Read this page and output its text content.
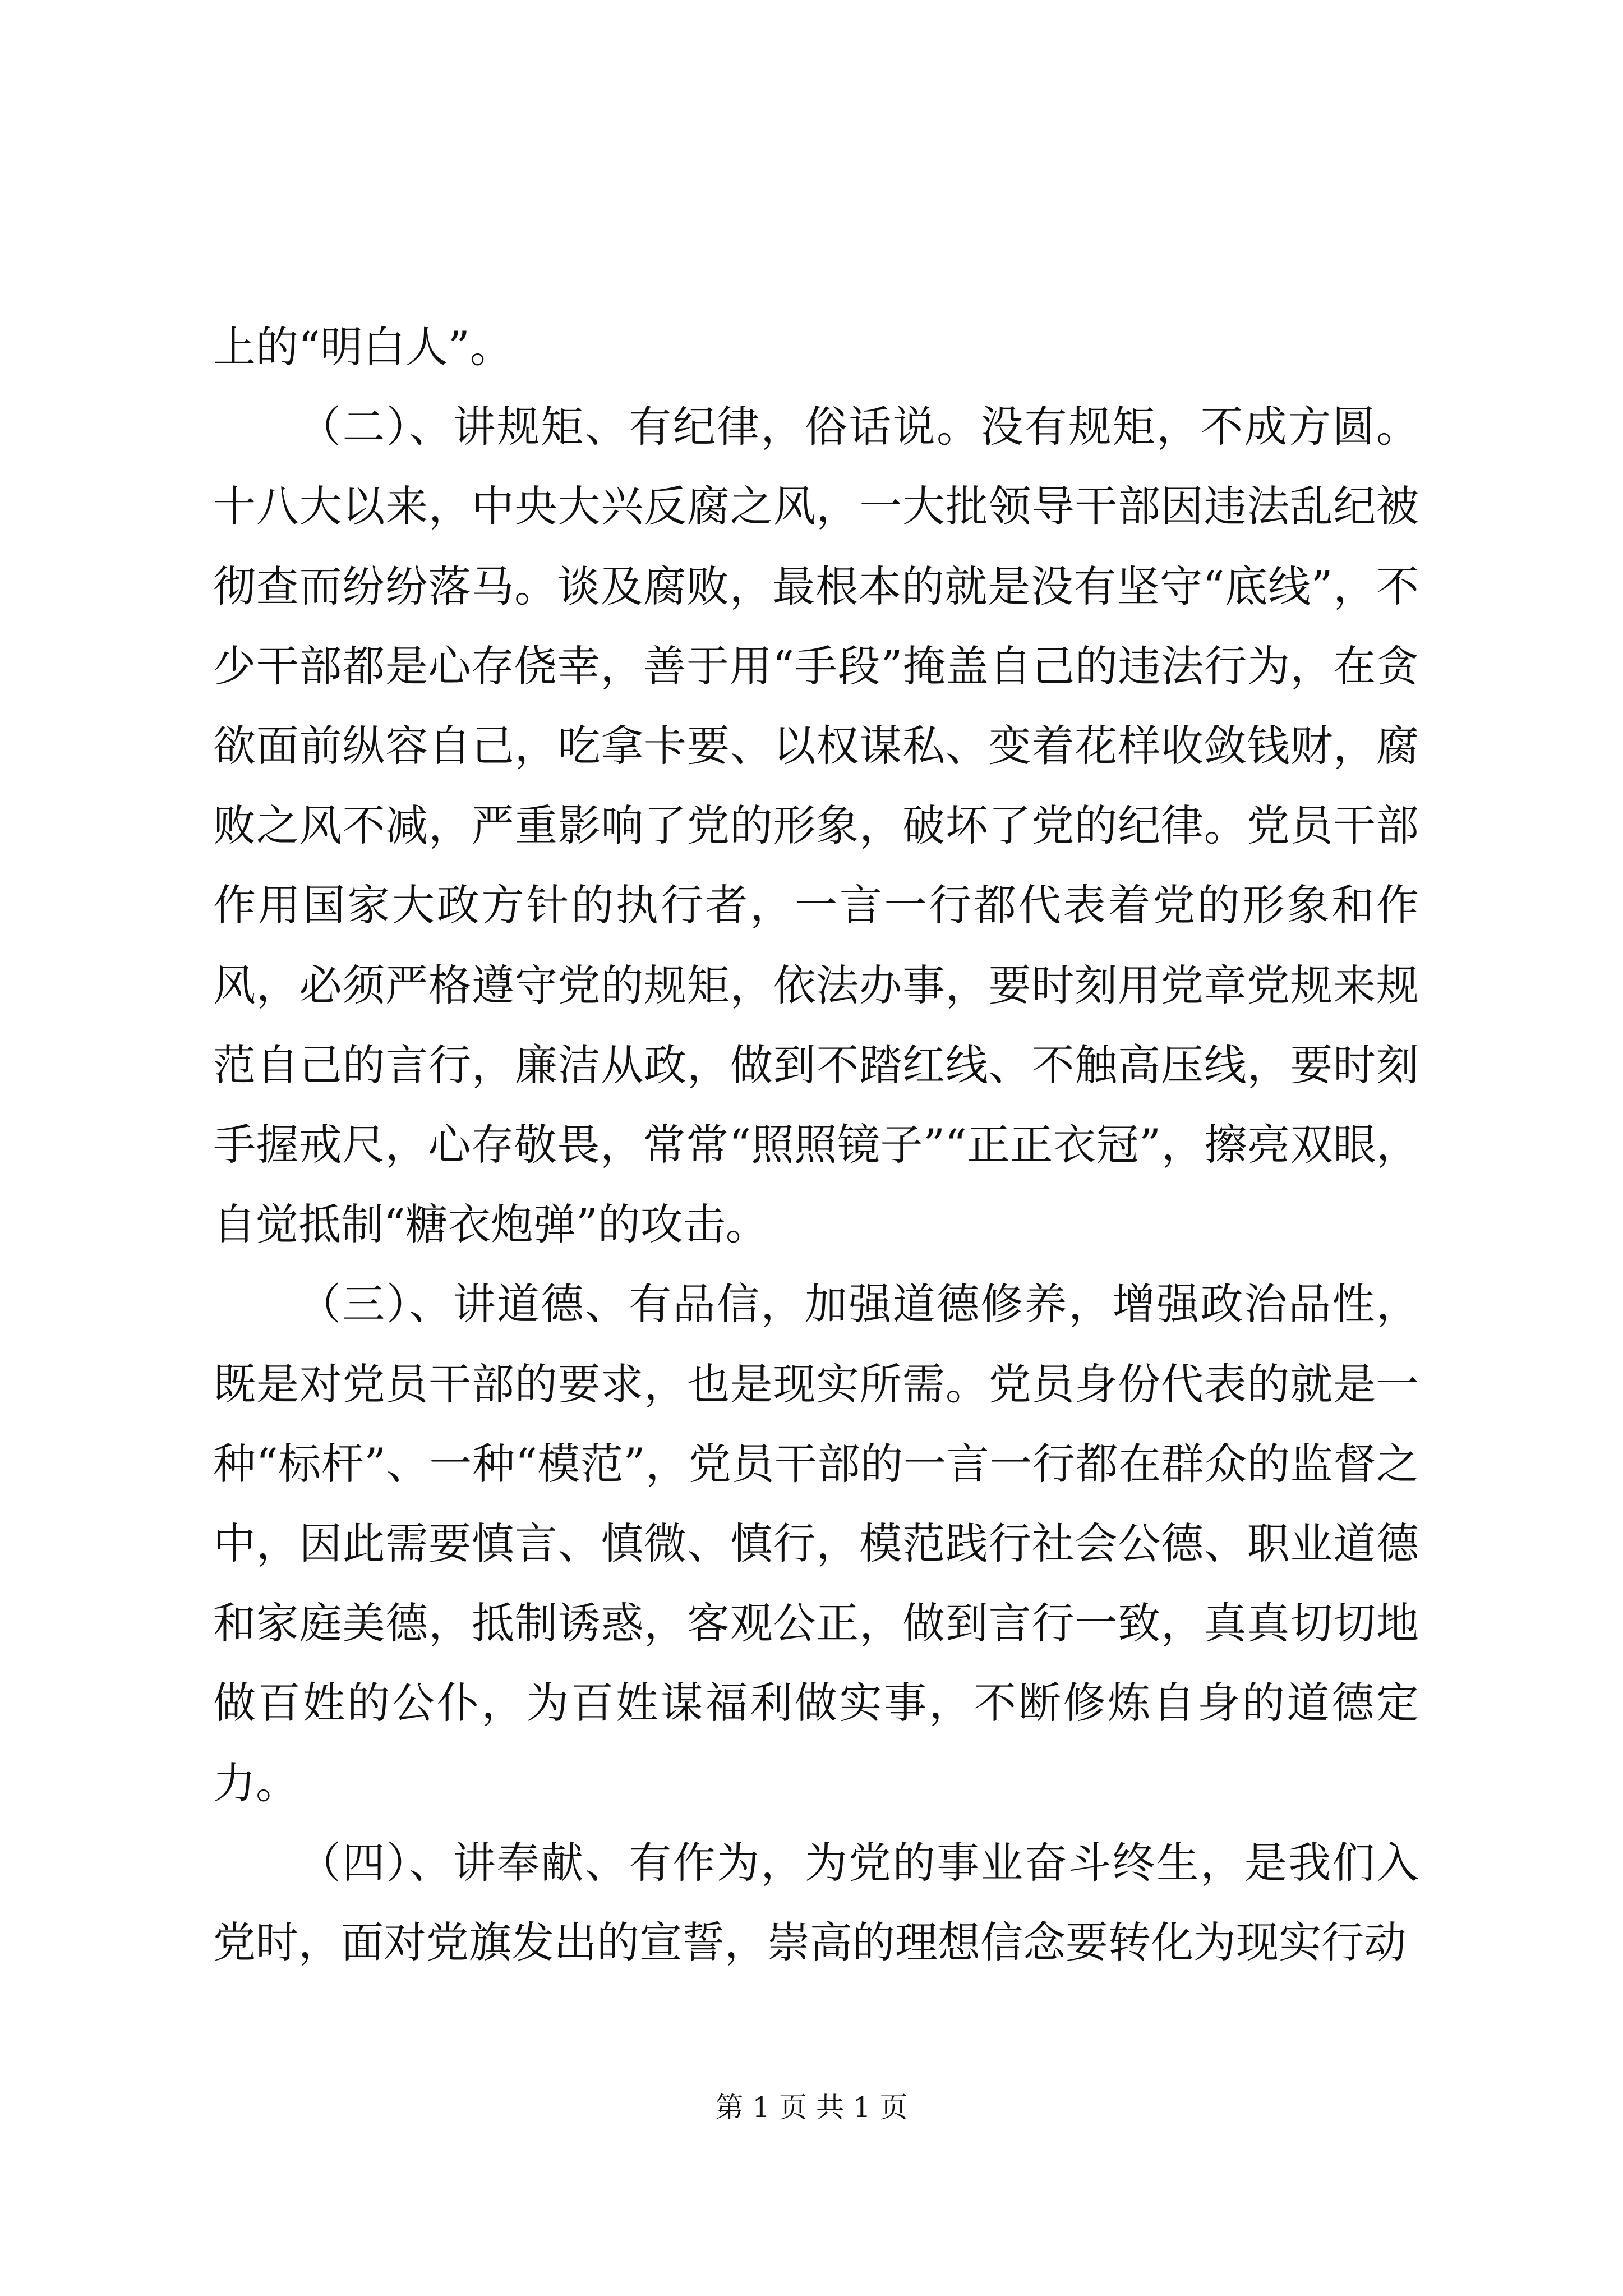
上的“明白人”。

（二）、讲规矩、有纪律，俗话说。没有规矩，不成方圆。十八大以来，中央大兴反腐之风，一大批领导干部因违法乱纪被彻查而纷纷落马。谈及腐败，最根本的就是没有坚守“底线”，不少干部都是心存侥幸，善于用“手段”掩盖自己的违法行为，在贪欲面前纵容自己，吃拿卡要、以权谋私、变着花样收敛钱财，腐败之风不减，严重影响了党的形象，破坏了党的纪律。党员干部作用国家大政方针的执行者，一言一行都代表着党的形象和作风，必须严格遵守党的规矩，依法办事，要时刻用党章党规来规范自己的言行，廉洁从政，做到不踏红线、不触高压线，要时刻手握戒尺，心存敬畏，常常“照照镜子”“正正衣冠”，擦亮双眼，自觉抵制“糖衣炮弹”的攻击。

（三）、讲道德、有品信，加强道德修养，增强政治品性，既是对党员干部的要求，也是现实所需。党员身份代表的就是一种“标杆”、一种“模范”，党员干部的一言一行都在群众的监督之中，因此需要慎言、慎微、慎行，模范践行社会公德、职业道德和家庭美德，抵制诱惑，客观公正，做到言行一致，真真切切地做百姓的公仆，为百姓谋福利做实事，不断修炼自身的道德定力。

（四）、讲奉献、有作为，为党的事业奋斗终生，是我们入党时，面对党旗发出的宣誓，崇高的理想信念要转化为现实行动

第 1 页 共 1 页
